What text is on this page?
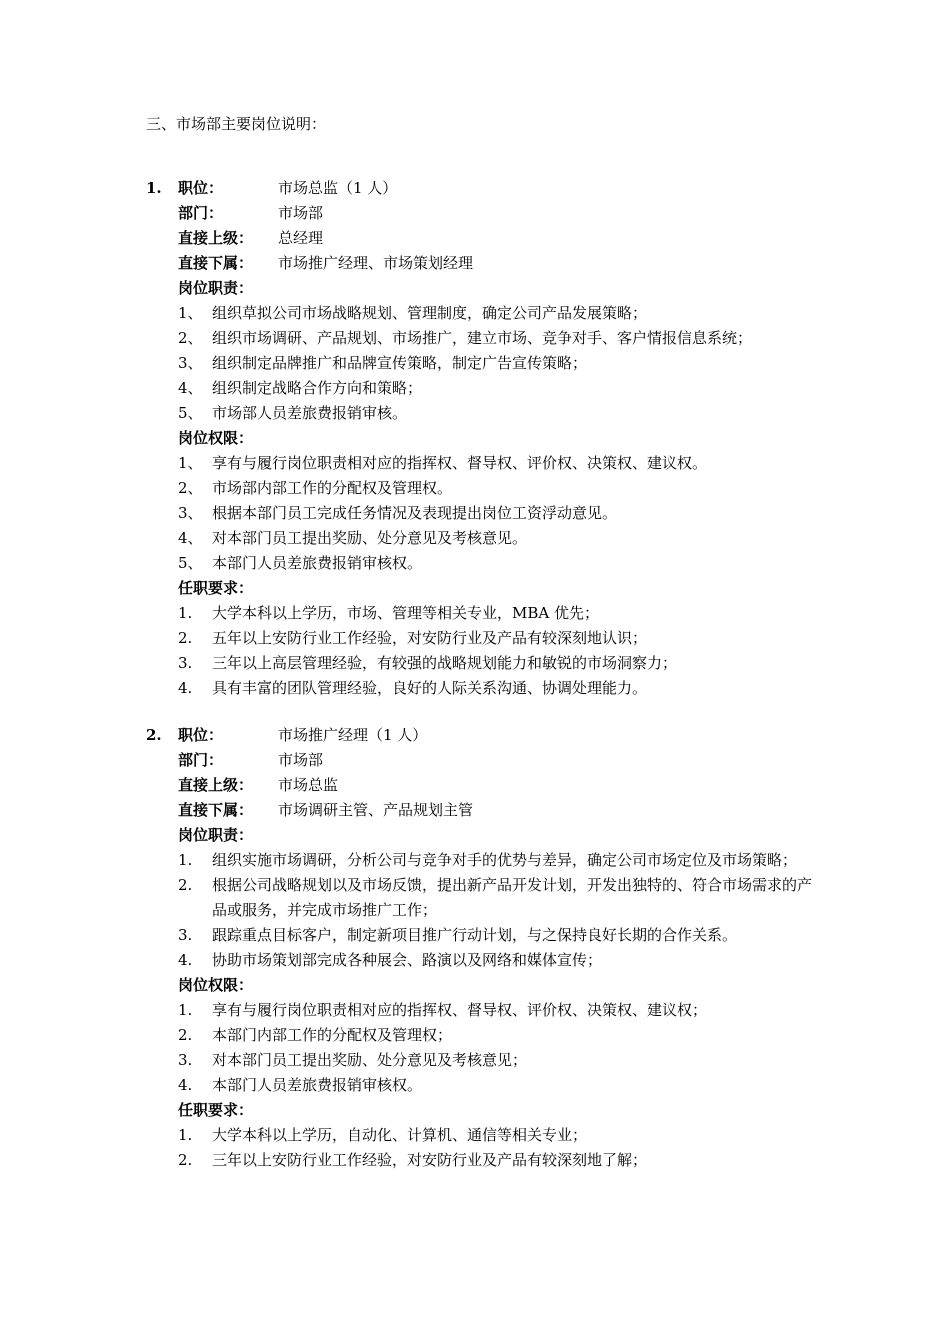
三、市场部主要岗位说明：
1.	职位：	市场总监（1 人）
部门：	市场部
直接上级：	总经理
直接下属：	市场推广经理、市场策划经理
岗位职责：
1、 组织草拟公司市场战略规划、管理制度，确定公司产品发展策略；
2、 组织市场调研、产品规划、市场推广，建立市场、竞争对手、客户情报信息系统；
3、 组织制定品牌推广和品牌宣传策略，制定广告宣传策略；
4、 组织制定战略合作方向和策略；
5、 市场部人员差旅费报销审核。
岗位权限：
1、 享有与履行岗位职责相对应的指挥权、督导权、评价权、决策权、建议权。
2、 市场部内部工作的分配权及管理权。
3、 根据本部门员工完成任务情况及表现提出岗位工资浮动意见。
4、 对本部门员工提出奖励、处分意见及考核意见。
5、 本部门人员差旅费报销审核权。
任职要求：
1.	大学本科以上学历，市场、管理等相关专业，MBA 优先；
2.	五年以上安防行业工作经验，对安防行业及产品有较深刻地认识；
3.	三年以上高层管理经验，有较强的战略规划能力和敏锐的市场洞察力；
4.	具有丰富的团队管理经验，良好的人际关系沟通、协调处理能力。
2.	职位：	市场推广经理（1 人）
部门：	市场部
直接上级：	市场总监
直接下属：	市场调研主管、产品规划主管
岗位职责：
1.	组织实施市场调研，分析公司与竞争对手的优势与差异，确定公司市场定位及市场策略；
2.	根据公司战略规划以及市场反馈，提出新产品开发计划，开发出独特的、符合市场需求的产品或服务，并完成市场推广工作；
3.	跟踪重点目标客户，制定新项目推广行动计划，与之保持良好长期的合作关系。
4.	协助市场策划部完成各种展会、路演以及网络和媒体宣传；
岗位权限：
1.	享有与履行岗位职责相对应的指挥权、督导权、评价权、决策权、建议权；
2.	本部门内部工作的分配权及管理权；
3.	对本部门员工提出奖励、处分意见及考核意见；
4.	本部门人员差旅费报销审核权。
任职要求：
1.	大学本科以上学历，自动化、计算机、通信等相关专业；
2.	三年以上安防行业工作经验，对安防行业及产品有较深刻地了解；
